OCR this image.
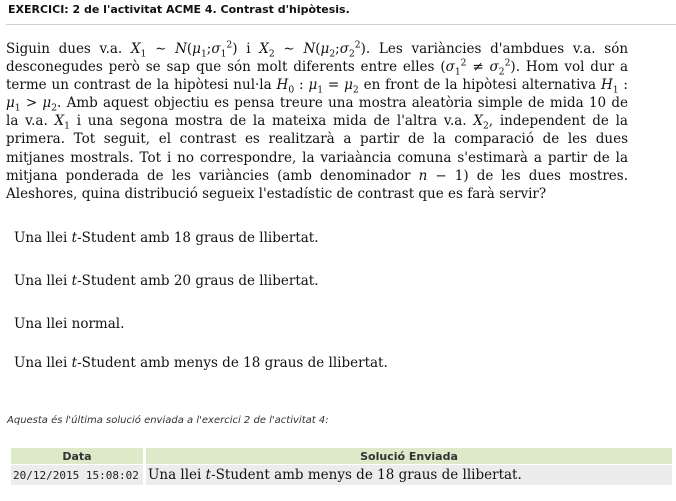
EXERCICI: 2 de l'activitat ACME 4. Contrast d'hipòtesis.
Siguin dues v.a. $X_1$ ∼ $N(\mu_1;\sigma_1^2)$ i $X_2$ ∼ $N(\mu_2;\sigma_2^2)$. Les variàncies d'ambdues v.a. són desconegudes però se sap que són molt diferents entre elles $(\sigma_1^2 \ne \sigma_2^2)$. Hom vol dur a terme un contrast de la hipòtesi nul·la $H_0$ : $\mu_1 = \mu_2$ en front de la hipòtesi alternativa $H_1$ : $\mu_1 > \mu_2$. Amb aquest objectiu es pensa treure una mostra aleatòria simple de mida 10 de la v.a. $X_1$ i una segona mostra de la mateixa mida de l'altra v.a. $X_2$, independent de la primera. Tot seguit, el contrast es realitzarà a partir de la comparació de les dues mitjanes mostrals. Tot i no correspondre, la variaància comuna s'estimarà a partir de la mitjana ponderada de les variàncies (amb denominador n − 1) de les dues mostres. Aleshores, quina distribució segueix l'estadístic de contrast que es farà servir?
Una llei t-Student amb 18 graus de llibertat.
Una llei t-Student amb 20 graus de llibertat.
Una llei normal.
Una llei t-Student amb menys de 18 graus de llibertat.
Aquesta és l'última solució enviada a l'exercici 2 de l'activitat 4:
Data	Solució Enviada
20/12/2015 15:08:02	Una llei t-Student amb menys de 18 graus de llibertat.
